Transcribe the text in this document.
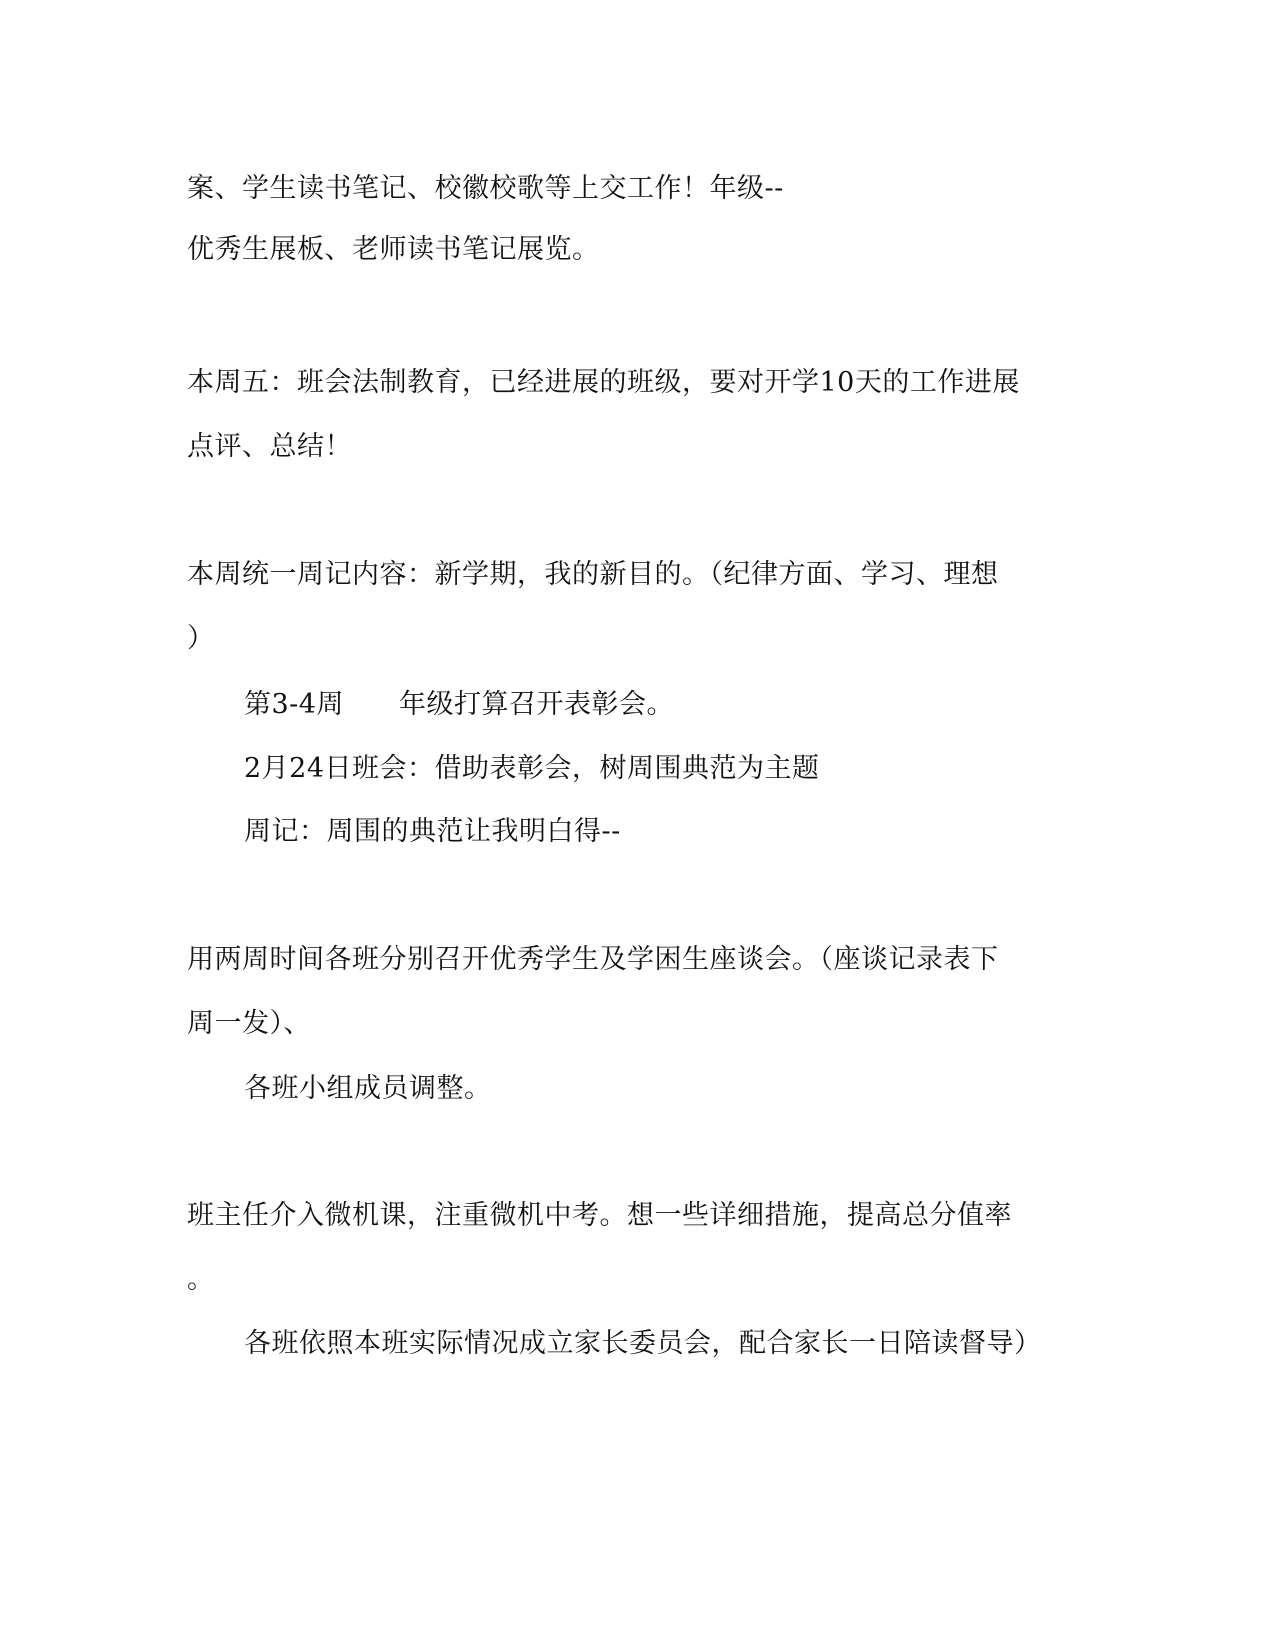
案、学生读书笔记、校徽校歌等上交工作！年级--
优秀生展板、老师读书笔记展览。
本周五：班会法制教育，已经进展的班级，要对开学10天的工作进展
点评、总结！
本周统一周记内容：新学期，我的新目的。（纪律方面、学习、理想
）
第3-4周　　年级打算召开表彰会。
2月24日班会：借助表彰会，树周围典范为主题
周记：周围的典范让我明白得--
用两周时间各班分别召开优秀学生及学困生座谈会。（座谈记录表下
周一发）、
各班小组成员调整。
班主任介入微机课，注重微机中考。想一些详细措施，提高总分值率
。
各班依照本班实际情况成立家长委员会，配合家长一日陪读督导）
